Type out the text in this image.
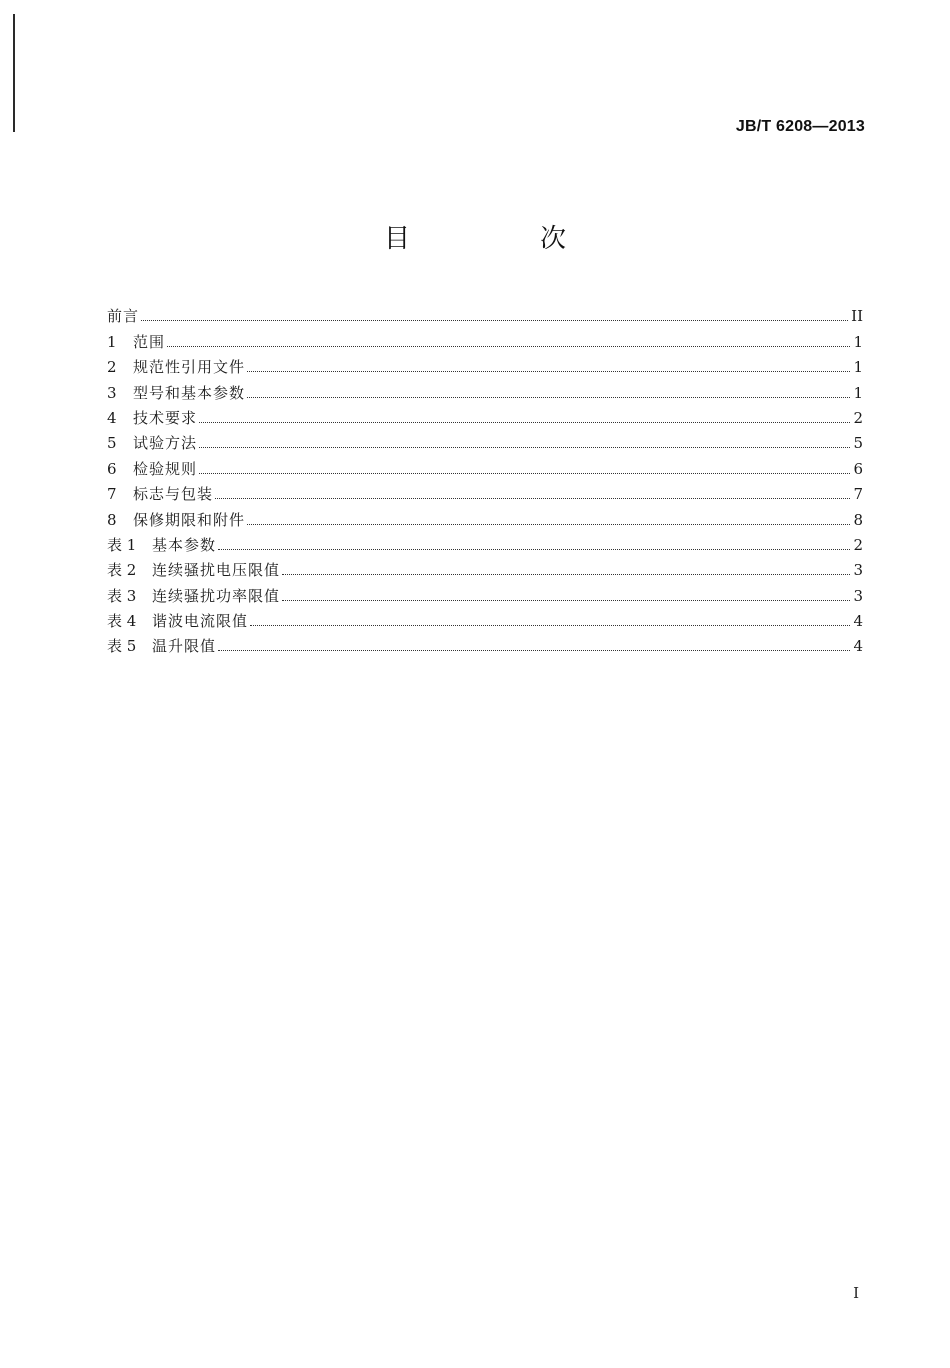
JB/T 6208—2013
目　次
前言	II
1	范围	1
2	规范性引用文件	1
3	型号和基本参数	1
4	技术要求	2
5	试验方法	5
6	检验规则	6
7	标志与包装	7
8	保修期限和附件	8
表 1	基本参数	2
表 2	连续骚扰电压限值	3
表 3	连续骚扰功率限值	3
表 4	谐波电流限值	4
表 5	温升限值	4
I
